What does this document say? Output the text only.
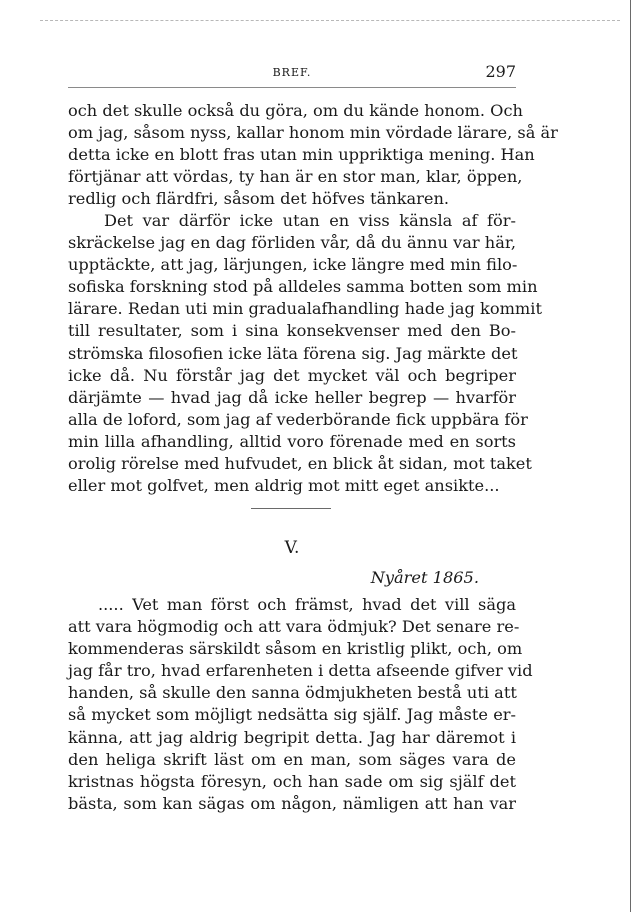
BREF.	297
och det skulle också du göra, om du kände honom. Och
om jag, såsom nyss, kallar honom min vördade lärare, så är
detta icke en blott fras utan min uppriktiga mening. Han
förtjänar att vördas, ty han är en stor man, klar, öppen,
redlig och flärdfri, såsom det höfves tänkaren.
Det var därför icke utan en viss känsla af för-
skräckelse jag en dag förliden vår, då du ännu var här,
upptäckte, att jag, lärjungen, icke längre med min filo-
sofiska forskning stod på alldeles samma botten som min
lärare. Redan uti min gradualafhandling hade jag kommit
till resultater, som i sina konsekvenser med den Bo-
strömska filosofien icke läta förena sig. Jag märkte det
icke då. Nu förstår jag det mycket väl och begriper
därjämte — hvad jag då icke heller begrep — hvarför
alla de loford, som jag af vederbörande fick uppbära för
min lilla afhandling, alltid voro förenade med en sorts
orolig rörelse med hufvudet, en blick åt sidan, mot taket
eller mot golfvet, men aldrig mot mitt eget ansikte...
V.
Nyåret 1865.
..... Vet man först och främst, hvad det vill säga
att vara högmodig och att vara ödmjuk? Det senare re-
kommenderas särskildt såsom en kristlig plikt, och, om
jag får tro, hvad erfarenheten i detta afseende gifver vid
handen, så skulle den sanna ödmjukheten bestå uti att
så mycket som möjligt nedsätta sig själf. Jag måste er-
känna, att jag aldrig begripit detta. Jag har däremot i
den heliga skrift läst om en man, som säges vara de
kristnas högsta föresyn, och han sade om sig själf det
bästa, som kan sägas om någon, nämligen att han var
